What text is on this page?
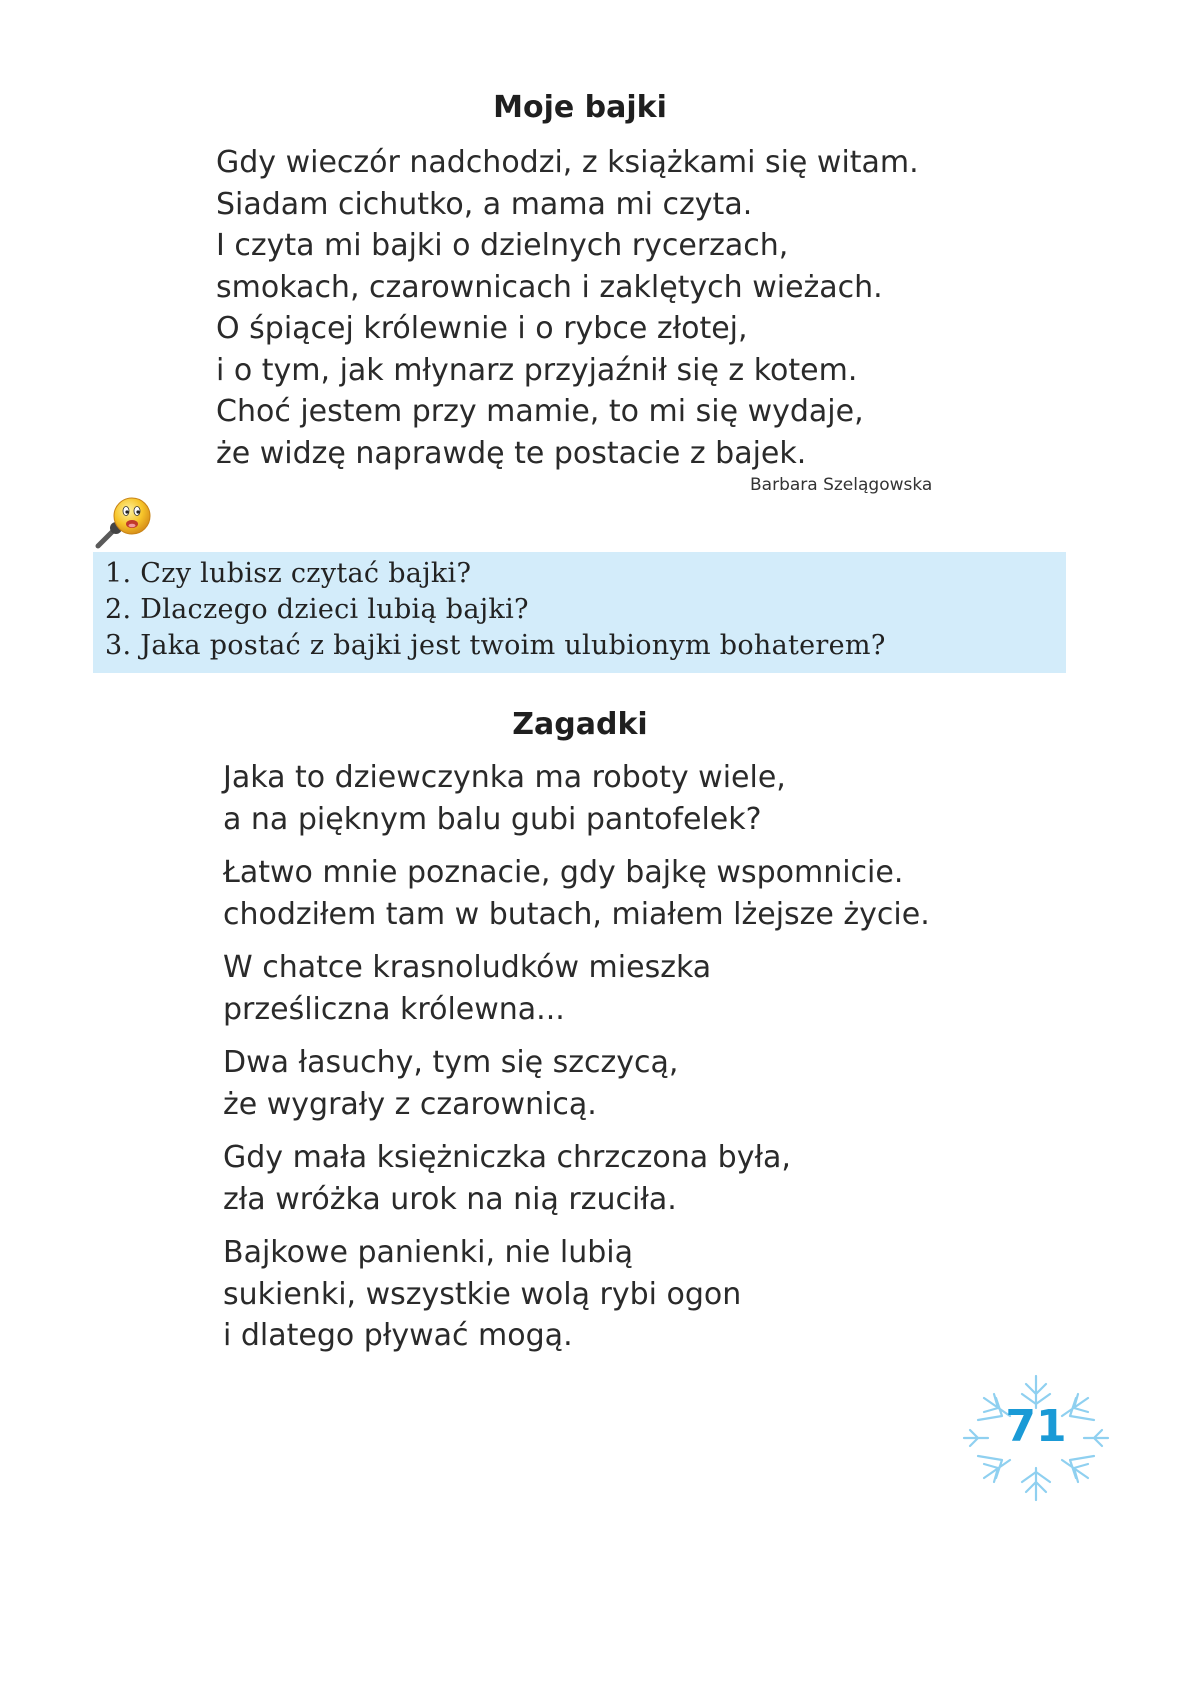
Moje bajki
Gdy wieczór nadchodzi, z książkami się witam.
Siadam cichutko, a mama mi czyta.
I czyta mi bajki o dzielnych rycerzach,
smokach, czarownicach i zaklętych wieżach.
O śpiącej królewnie i o rybce złotej,
i o tym, jak młynarz przyjaźnił się z kotem.
Choć jestem przy mamie, to mi się wydaje,
że widzę naprawdę te postacie z bajek.
Barbara Szelągowska
1. Czy lubisz czytać bajki?
2. Dlaczego dzieci lubią bajki?
3. Jaka postać z bajki jest twoim ulubionym bohaterem?
Zagadki
Jaka to dziewczynka ma roboty wiele,
a na pięknym balu gubi pantofelek?
Łatwo mnie poznacie, gdy bajkę wspomnicie.
chodziłem tam w butach, miałem lżejsze życie.
W chatce krasnoludków mieszka
prześliczna królewna...
Dwa łasuchy, tym się szczycą,
że wygrały z czarownicą.
Gdy mała księżniczka chrzczona była,
zła wróżka urok na nią rzuciła.
Bajkowe panienki, nie lubią
sukienki, wszystkie wolą rybi ogon
i dlatego pływać mogą.
71
